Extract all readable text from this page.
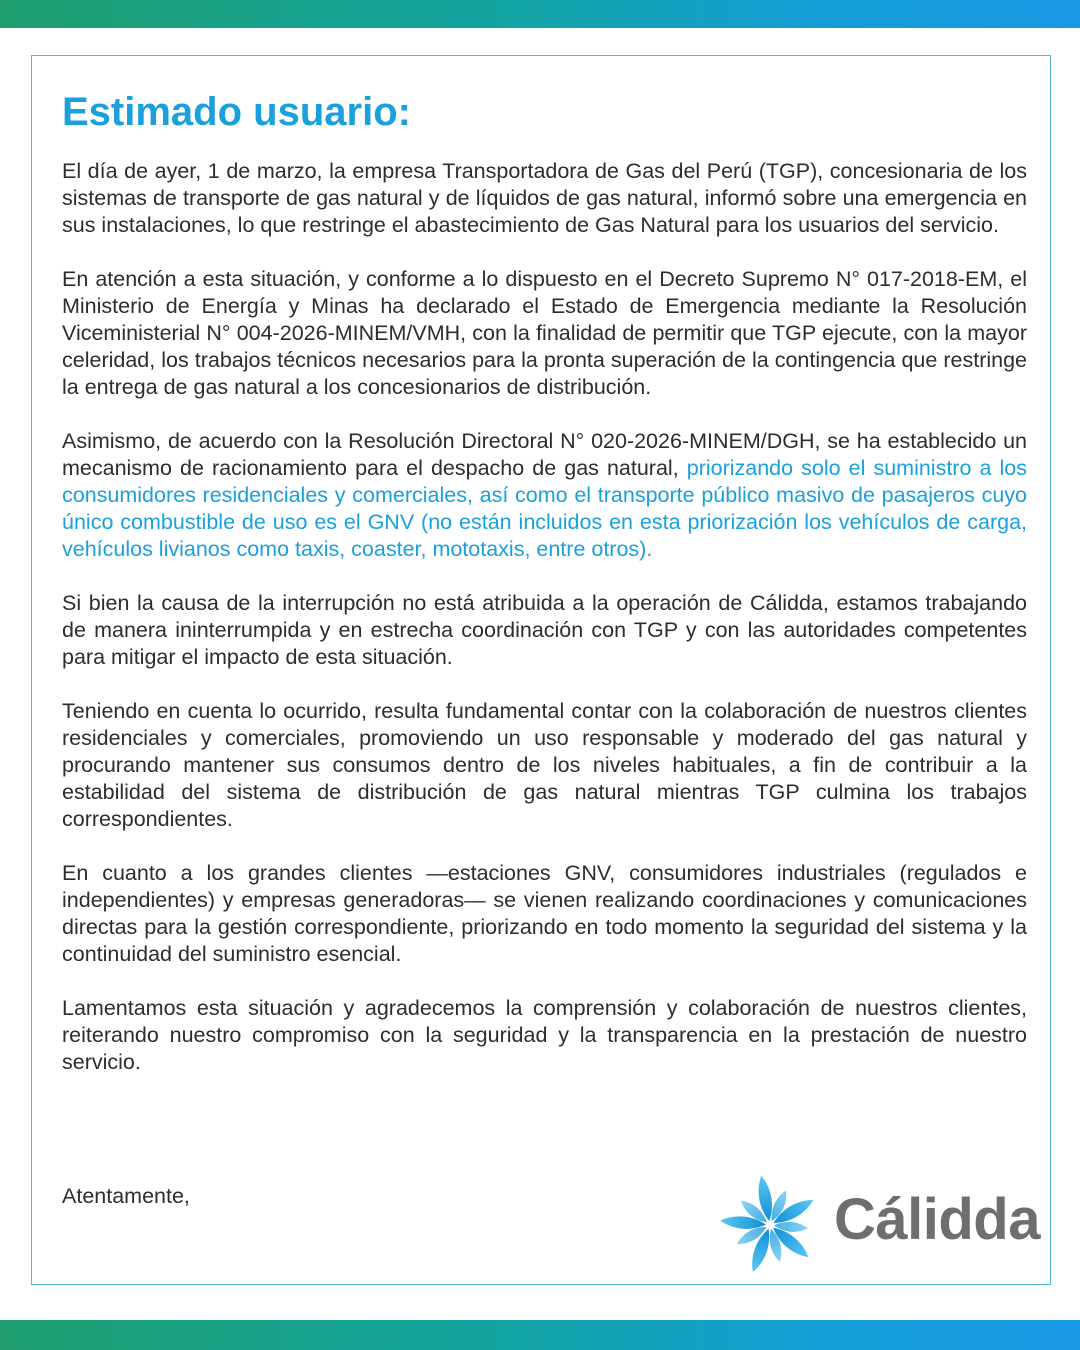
Estimado usuario:

El día de ayer, 1 de marzo, la empresa Transportadora de Gas del Perú (TGP), concesionaria de los sistemas de transporte de gas natural y de líquidos de gas natural, informó sobre una emergencia en sus instalaciones, lo que restringe el abastecimiento de Gas Natural para los usuarios del servicio.

En atención a esta situación, y conforme a lo dispuesto en el Decreto Supremo N° 017-2018-EM, el Ministerio de Energía y Minas ha declarado el Estado de Emergencia mediante la Resolución Viceministerial N° 004-2026-MINEM/VMH, con la finalidad de permitir que TGP ejecute, con la mayor celeridad, los trabajos técnicos necesarios para la pronta superación de la contingencia que restringe la entrega de gas natural a los concesionarios de distribución.

Asimismo, de acuerdo con la Resolución Directoral N° 020-2026-MINEM/DGH, se ha establecido un mecanismo de racionamiento para el despacho de gas natural, priorizando solo el suministro a los consumidores residenciales y comerciales, así como el transporte público masivo de pasajeros cuyo único combustible de uso es el GNV (no están incluidos en esta priorización los vehículos de carga, vehículos livianos como taxis, coaster, mototaxis, entre otros).

Si bien la causa de la interrupción no está atribuida a la operación de Cálidda, estamos trabajando de manera ininterrumpida y en estrecha coordinación con TGP y con las autoridades competentes para mitigar el impacto de esta situación.

Teniendo en cuenta lo ocurrido, resulta fundamental contar con la colaboración de nuestros clientes residenciales y comerciales, promoviendo un uso responsable y moderado del gas natural y procurando mantener sus consumos dentro de los niveles habituales, a fin de contribuir a la estabilidad del sistema de distribución de gas natural mientras TGP culmina los trabajos correspondientes.

En cuanto a los grandes clientes —estaciones GNV, consumidores industriales (regulados e independientes) y empresas generadoras— se vienen realizando coordinaciones y comunicaciones directas para la gestión correspondiente, priorizando en todo momento la seguridad del sistema y la continuidad del suministro esencial.

Lamentamos esta situación y agradecemos la comprensión y colaboración de nuestros clientes, reiterando nuestro compromiso con la seguridad y la transparencia en la prestación de nuestro servicio.

Atentamente,	Cálidda
